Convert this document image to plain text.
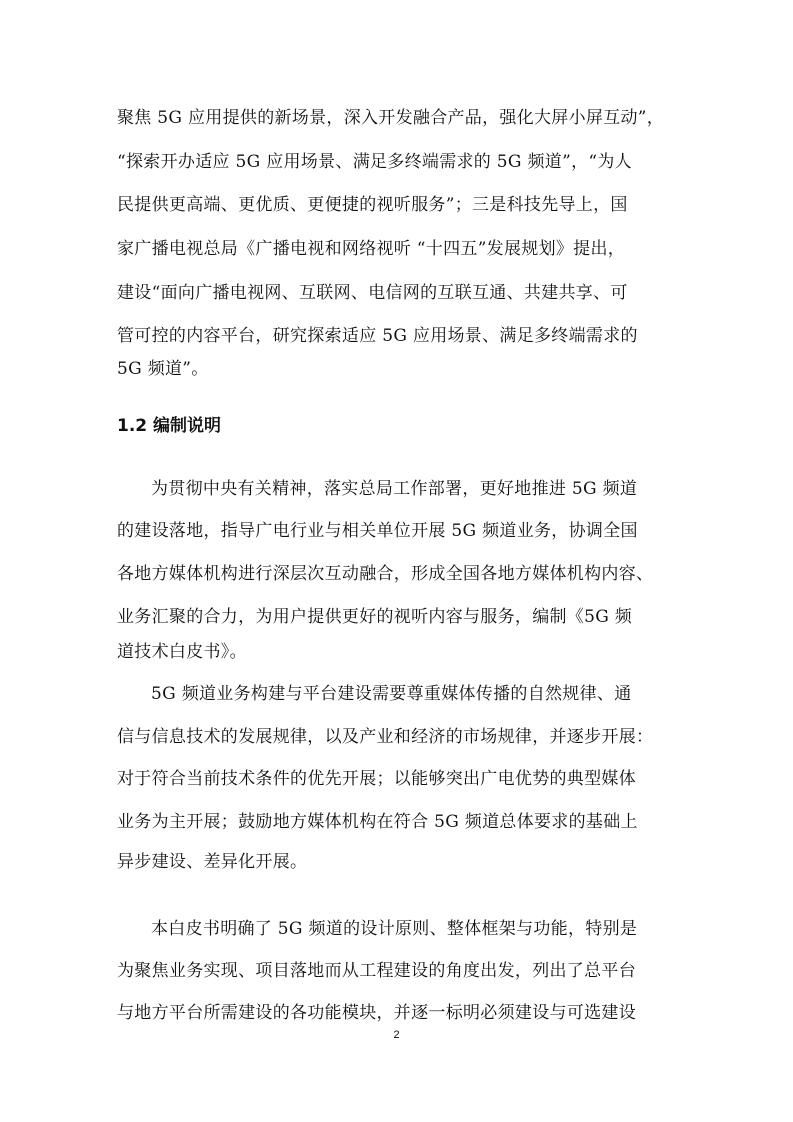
聚焦 5G 应用提供的新场景，深入开发融合产品，强化大屏小屏互动”，
“探索开办适应 5G 应用场景、满足多终端需求的 5G 频道”，“为人
民提供更高端、更优质、更便捷的视听服务”；三是科技先导上，国
家广播电视总局《广播电视和网络视听 “十四五”发展规划》提出，
建设“面向广播电视网、互联网、电信网的互联互通、共建共享、可
管可控的内容平台，研究探索适应 5G 应用场景、满足多终端需求的
5G 频道”。
1.2 编制说明
为贯彻中央有关精神，落实总局工作部署，更好地推进 5G 频道
的建设落地，指导广电行业与相关单位开展 5G 频道业务，协调全国
各地方媒体机构进行深层次互动融合，形成全国各地方媒体机构内容、
业务汇聚的合力，为用户提供更好的视听内容与服务，编制《5G 频
道技术白皮书》。
5G 频道业务构建与平台建设需要尊重媒体传播的自然规律、通
信与信息技术的发展规律，以及产业和经济的市场规律，并逐步开展：
对于符合当前技术条件的优先开展；以能够突出广电优势的典型媒体
业务为主开展；鼓励地方媒体机构在符合 5G 频道总体要求的基础上
异步建设、差异化开展。
本白皮书明确了 5G 频道的设计原则、整体框架与功能，特别是
为聚焦业务实现、项目落地而从工程建设的角度出发，列出了总平台
与地方平台所需建设的各功能模块，并逐一标明必须建设与可选建设
2
